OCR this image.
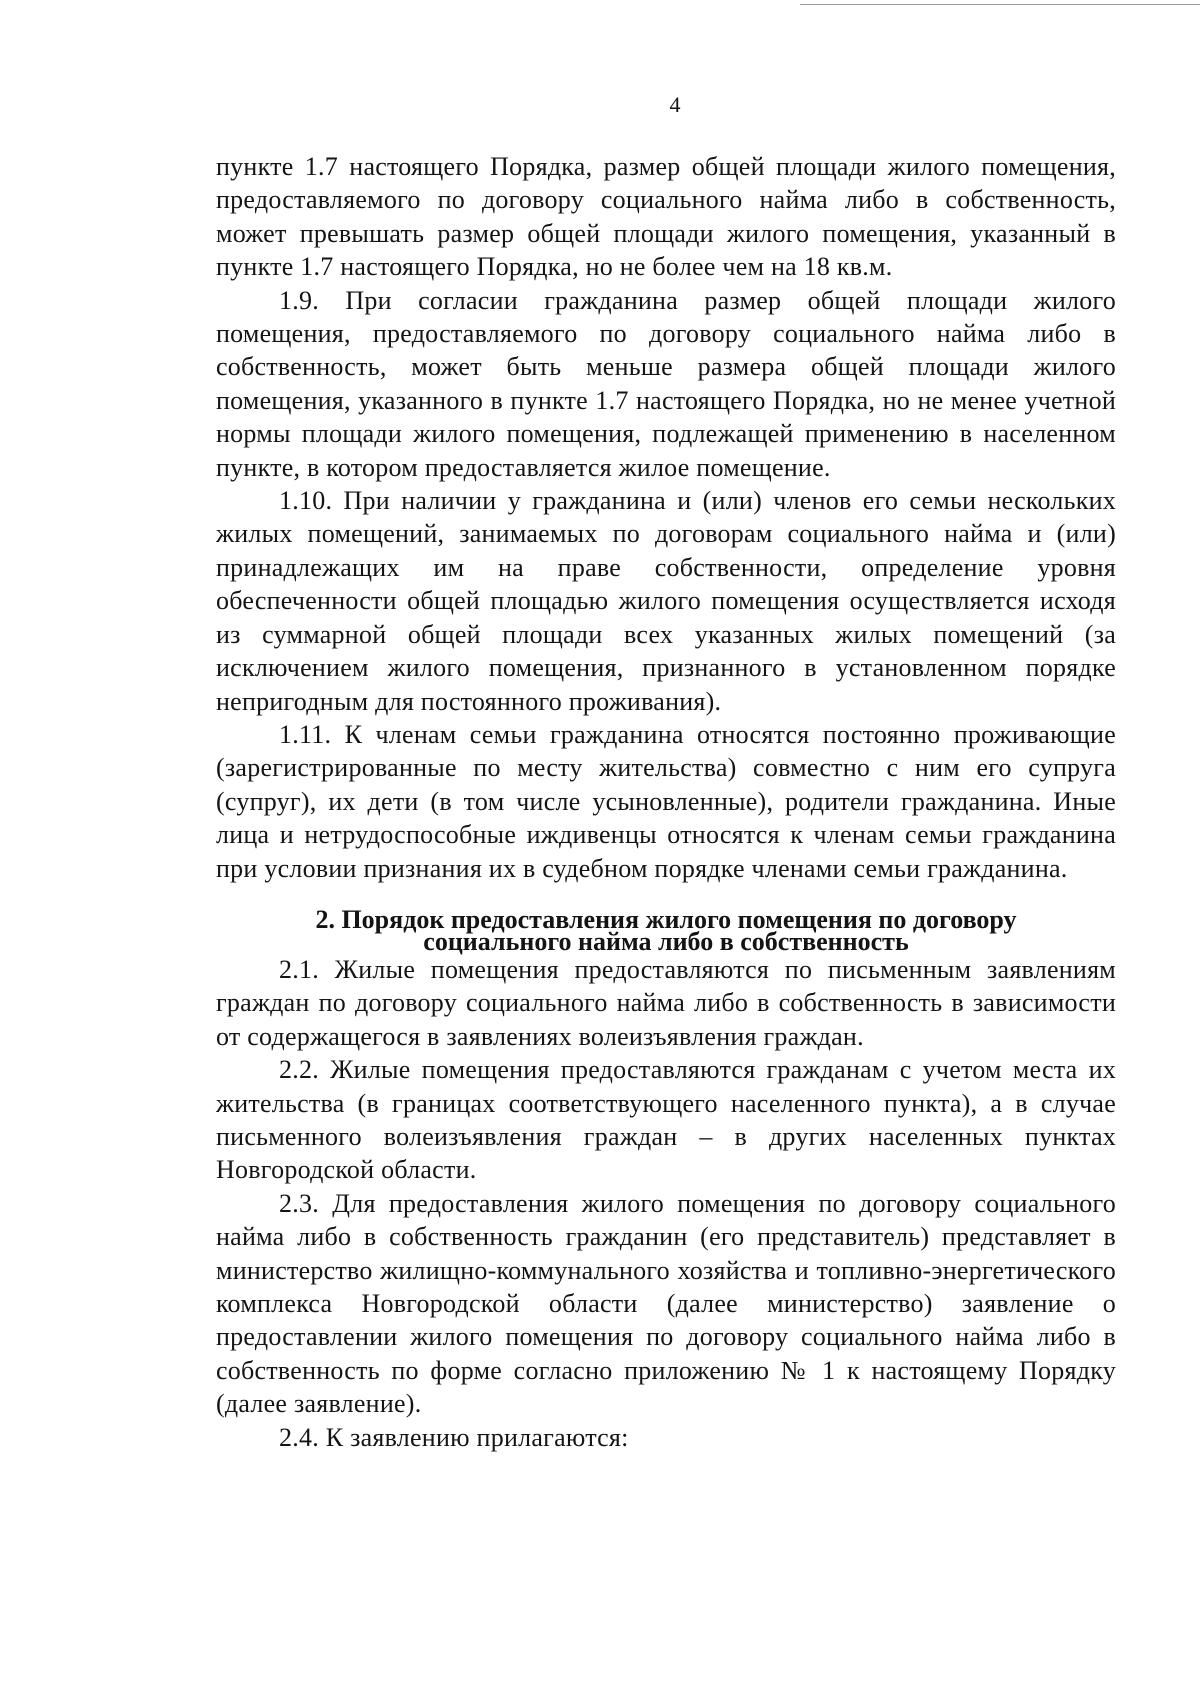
4

пункте 1.7 настоящего Порядка, размер общей площади жилого помещения, предоставляемого по договору социального найма либо в собственность, может превышать размер общей площади жилого помещения, указанный в пункте 1.7 настоящего Порядка, но не более чем на 18 кв.м.

1.9. При согласии гражданина размер общей площади жилого помещения, предоставляемого по договору социального найма либо в собственность, может быть меньше размера общей площади жилого помещения, указанного в пункте 1.7 настоящего Порядка, но не менее учетной нормы площади жилого помещения, подлежащей применению в населенном пункте, в котором предоставляется жилое помещение.

1.10. При наличии у гражданина и (или) членов его семьи нескольких жилых помещений, занимаемых по договорам социального найма и (или) принадлежащих им на праве собственности, определение уровня обеспеченности общей площадью жилого помещения осуществляется исходя из суммарной общей площади всех указанных жилых помещений (за исключением жилого помещения, признанного в установленном порядке непригодным для постоянного проживания).

1.11. К членам семьи гражданина относятся постоянно проживающие (зарегистрированные по месту жительства) совместно с ним его супруга (супруг), их дети (в том числе усыновленные), родители гражданина. Иные лица и нетрудоспособные иждивенцы относятся к членам семьи гражданина при условии признания их в судебном порядке членами семьи гражданина.

2. Порядок предоставления жилого помещения по договору
социального найма либо в собственность

2.1. Жилые помещения предоставляются по письменным заявлениям граждан по договору социального найма либо в собственность в зависимости от содержащегося в заявлениях волеизъявления граждан.

2.2. Жилые помещения предоставляются гражданам с учетом места их жительства (в границах соответствующего населенного пункта), а в случае письменного волеизъявления граждан – в других населенных пунктах Новгородской области.

2.3. Для предоставления жилого помещения по договору социального найма либо в собственность гражданин (его представитель) представляет в министерство жилищно-коммунального хозяйства и топливно-энергетического комплекса Новгородской области (далее министерство) заявление о предоставлении жилого помещения по договору социального найма либо в собственность по форме согласно приложению № 1 к настоящему Порядку (далее заявление).

2.4. К заявлению прилагаются:
